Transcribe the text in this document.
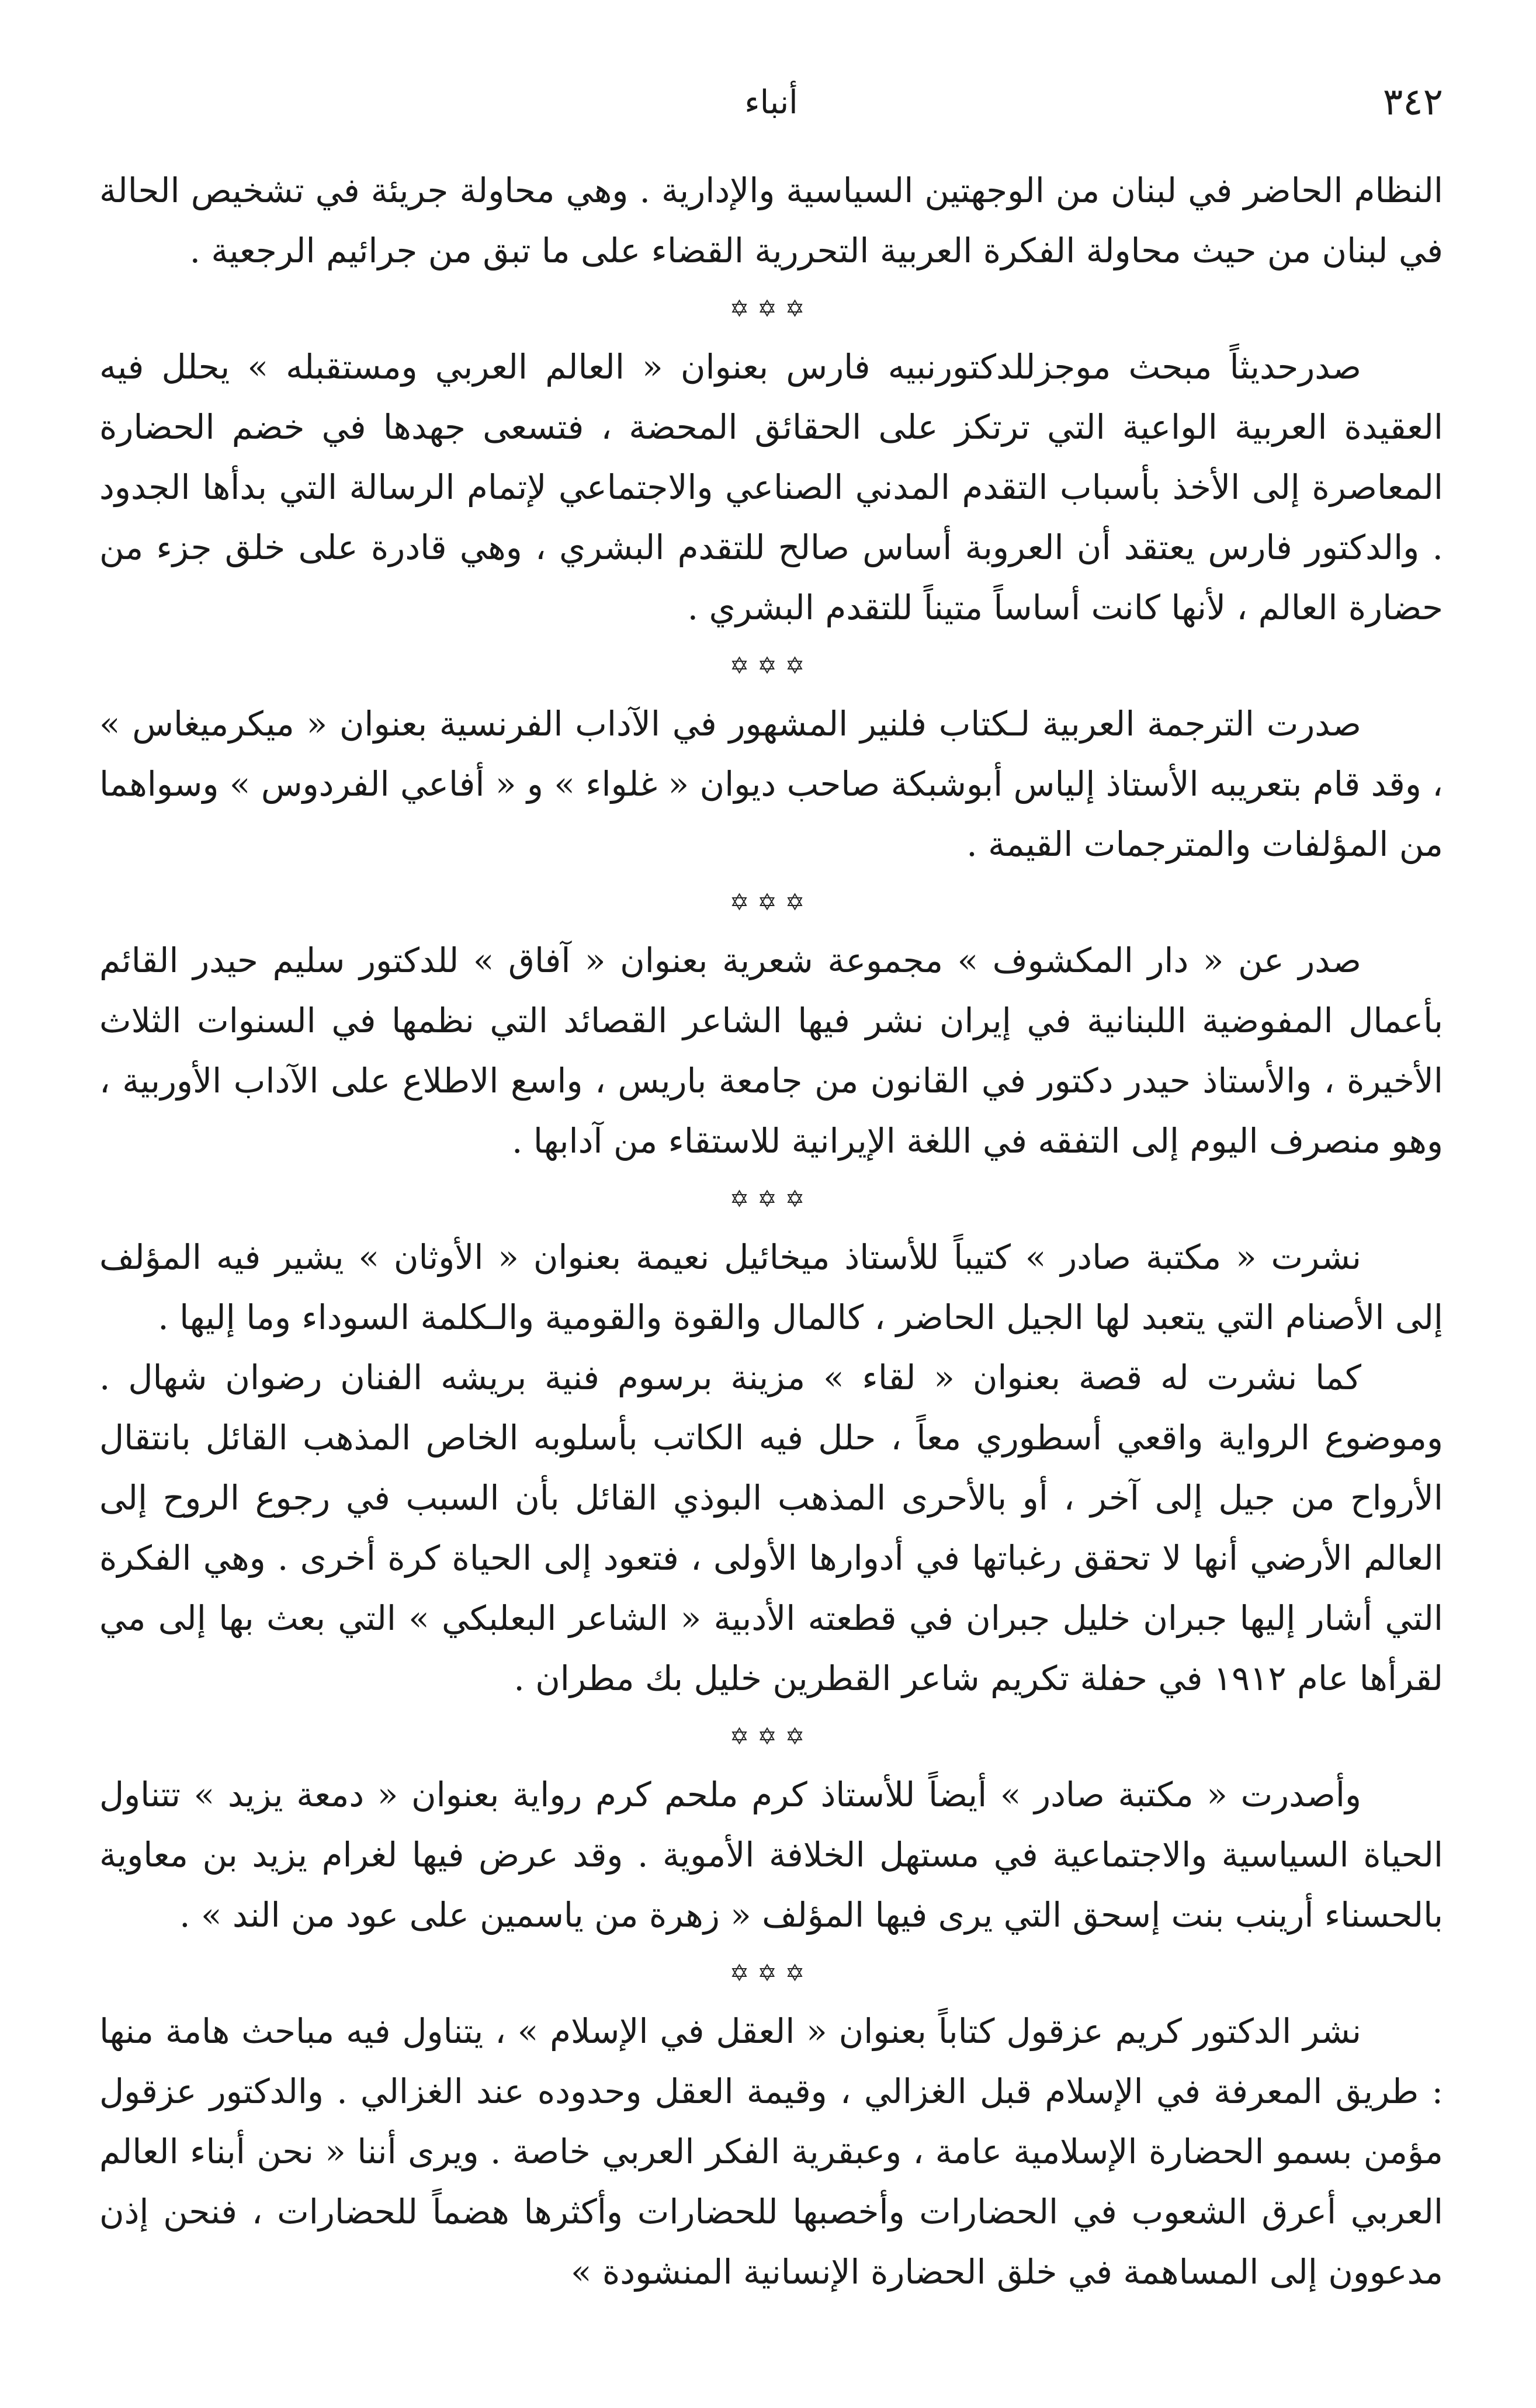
٣٤٢
أنباء

النظام الحاضر في لبنان من الوجهتين السياسية والإدارية . وهي محاولة جريئة في تشخيص الحالة في لبنان من حيث محاولة الفكرة العربية التحررية القضاء على ما تبق من جرائيم الرجعية .

✡✡✡

صدرحديثاً مبحث موجزللدكتورنبيه فارس بعنوان « العالم العربي ومستقبله » يحلل فيه العقيدة العربية الواعية التي ترتكز على الحقائق المحضة ، فتسعى جهدها في خضم الحضارة المعاصرة إلى الأخذ بأسباب التقدم المدني الصناعي والاجتماعي لإتمام الرسالة التي بدأها الجدود . والدكتور فارس يعتقد أن العروبة أساس صالح للتقدم البشري ، وهي قادرة على خلق جزء من حضارة العالم ، لأنها كانت أساساً متيناً للتقدم البشري .

✡✡✡

صدرت الترجمة العربية لـكتاب فلنير المشهور في الآداب الفرنسية بعنوان « ميكرميغاس » ، وقد قام بتعريبه الأستاذ إلياس أبوشبكة صاحب ديوان « غلواء » و « أفاعي الفردوس » وسواهما من المؤلفات والمترجمات القيمة .

✡✡✡

صدر عن « دار المكشوف » مجموعة شعرية بعنوان « آفاق » للدكتور سليم حيدر القائم بأعمال المفوضية اللبنانية في إيران نشر فيها الشاعر القصائد التي نظمها في السنوات الثلاث الأخيرة ، والأستاذ حيدر دكتور في القانون من جامعة باريس ، واسع الاطلاع على الآداب الأوربية ، وهو منصرف اليوم إلى التفقه في اللغة الإيرانية للاستقاء من آدابها .

✡✡✡

نشرت « مكتبة صادر » كتيباً للأستاذ ميخائيل نعيمة بعنوان « الأوثان » يشير فيه المؤلف إلى الأصنام التي يتعبد لها الجيل الحاضر ، كالمال والقوة والقومية والـكلمة السوداء وما إليها .

كما نشرت له قصة بعنوان « لقاء » مزينة برسوم فنية بريشه الفنان رضوان شهال . وموضوع الرواية واقعي أسطوري معاً ، حلل فيه الكاتب بأسلوبه الخاص المذهب القائل بانتقال الأرواح من جيل إلى آخر ، أو بالأحرى المذهب البوذي القائل بأن السبب في رجوع الروح إلى العالم الأرضي أنها لا تحقق رغباتها في أدوارها الأولى ، فتعود إلى الحياة كرة أخرى . وهي الفكرة التي أشار إليها جبران خليل جبران في قطعته الأدبية « الشاعر البعلبكي » التي بعث بها إلى مي لقرأها عام ١٩١٢ في حفلة تكريم شاعر القطرين خليل بك مطران .

✡✡✡

وأصدرت « مكتبة صادر » أيضاً للأستاذ كرم ملحم كرم رواية بعنوان « دمعة يزيد » تتناول الحياة السياسية والاجتماعية في مستهل الخلافة الأموية . وقد عرض فيها لغرام يزيد بن معاوية بالحسناء أرينب بنت إسحق التي يرى فيها المؤلف « زهرة من ياسمين على عود من الند » .

✡✡✡

نشر الدكتور كريم عزقول كتاباً بعنوان « العقل في الإسلام » ، يتناول فيه مباحث هامة منها : طريق المعرفة في الإسلام قبل الغزالي ، وقيمة العقل وحدوده عند الغزالي . والدكتور عزقول مؤمن بسمو الحضارة الإسلامية عامة ، وعبقرية الفكر العربي خاصة . ويرى أننا « نحن أبناء العالم العربي أعرق الشعوب في الحضارات وأخصبها للحضارات وأكثرها هضماً للحضارات ، فنحن إذن مدعوون إلى المساهمة في خلق الحضارة الإنسانية المنشودة »
